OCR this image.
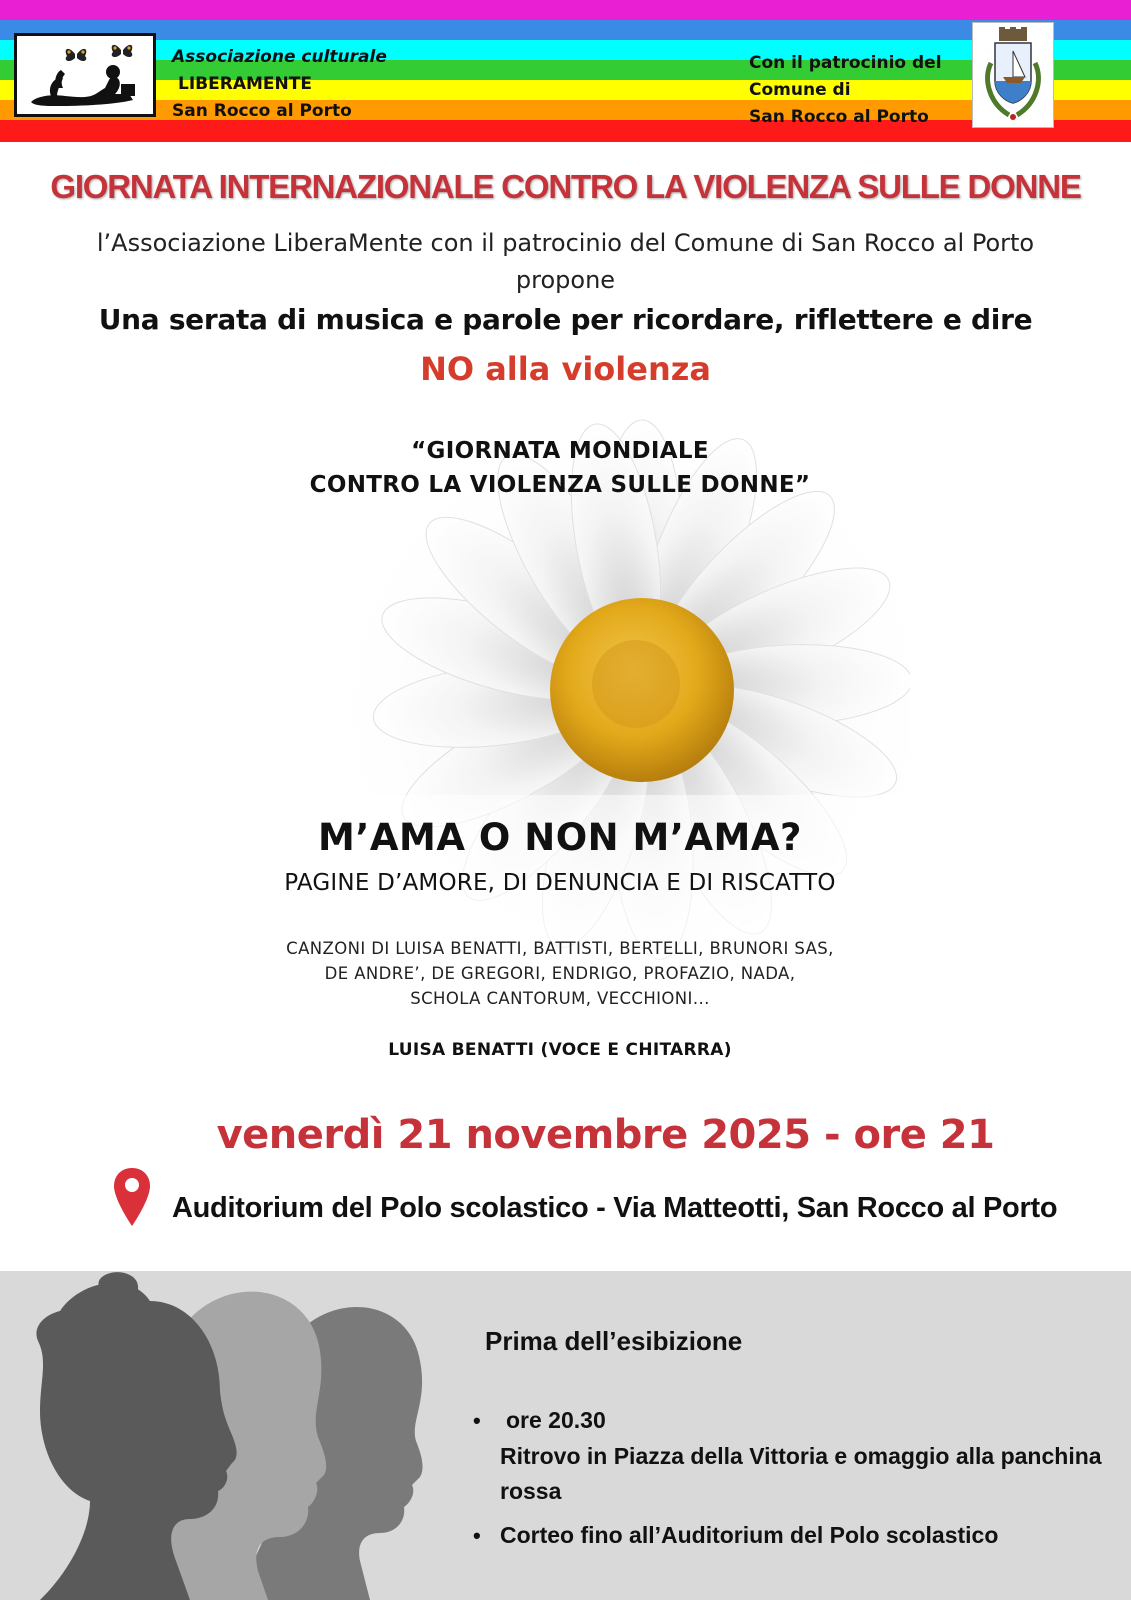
Associazione culturale
LIBERAMENTE
San Rocco al Porto
Con il patrocinio del
Comune di
San Rocco al Porto
GIORNATA INTERNAZIONALE CONTRO LA VIOLENZA SULLE DONNE
l’Associazione LiberaMente con il patrocinio del Comune di San Rocco al Porto
propone
Una serata di musica e parole per ricordare, riflettere e dire
NO alla violenza
“GIORNATA MONDIALE
CONTRO LA VIOLENZA SULLE DONNE”
M’AMA O NON M’AMA?
PAGINE D’AMORE, DI DENUNCIA E DI RISCATTO
CANZONI DI LUISA BENATTI, BATTISTI, BERTELLI, BRUNORI SAS,
DE ANDRE’, DE GREGORI, ENDRIGO, PROFAZIO, NADA,
SCHOLA CANTORUM, VECCHIONI...
LUISA BENATTI (VOCE E CHITARRA)
venerdì 21 novembre 2025 - ore 21
Auditorium del Polo scolastico - Via Matteotti, San Rocco al Porto
Prima dell’esibizione
• ore 20.30
Ritrovo in Piazza della Vittoria e omaggio alla panchina rossa
• Corteo fino all’Auditorium del Polo scolastico
